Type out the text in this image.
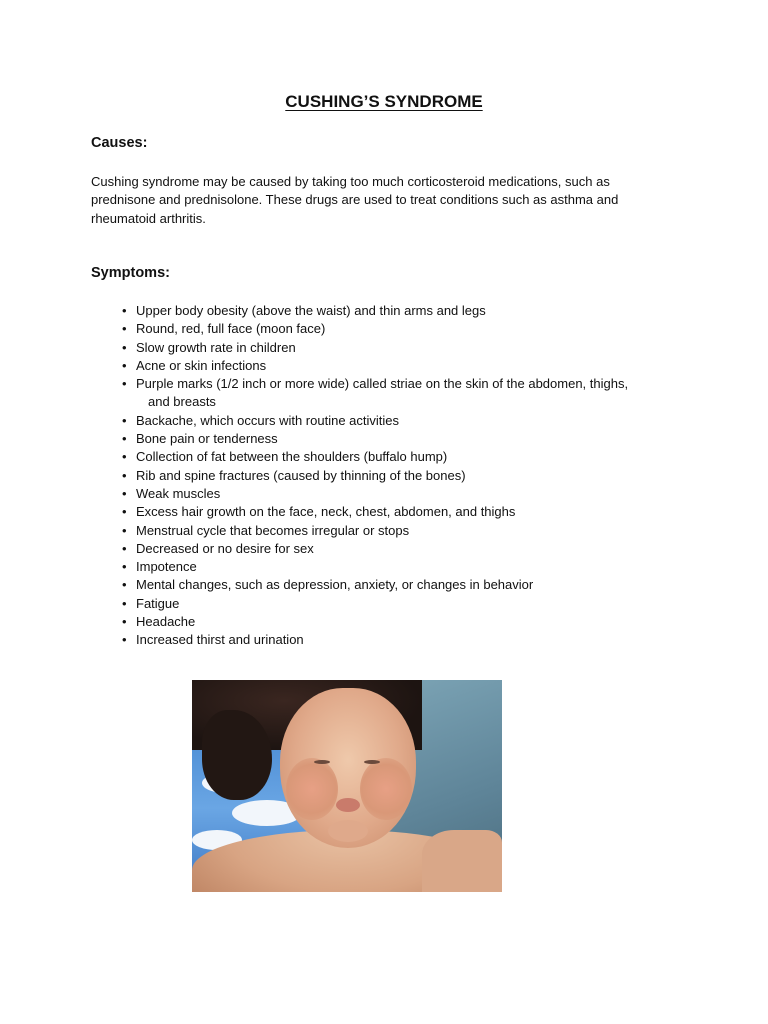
CUSHING’S SYNDROME
Causes:

Cushing syndrome may be caused by taking too much corticosteroid medications, such as prednisone and prednisolone. These drugs are used to treat conditions such as asthma and rheumatoid arthritis.

Symptoms:
• Upper body obesity (above the waist) and thin arms and legs
• Round, red, full face (moon face)
• Slow growth rate in children
• Acne or skin infections
• Purple marks (1/2 inch or more wide) called striae on the skin of the abdomen, thighs,
and breasts
• Backache, which occurs with routine activities
• Bone pain or tenderness
• Collection of fat between the shoulders (buffalo hump)
• Rib and spine fractures (caused by thinning of the bones)
• Weak muscles
• Excess hair growth on the face, neck, chest, abdomen, and thighs
• Menstrual cycle that becomes irregular or stops
• Decreased or no desire for sex
• Impotence
• Mental changes, such as depression, anxiety, or changes in behavior
• Fatigue
• Headache
• Increased thirst and urination
